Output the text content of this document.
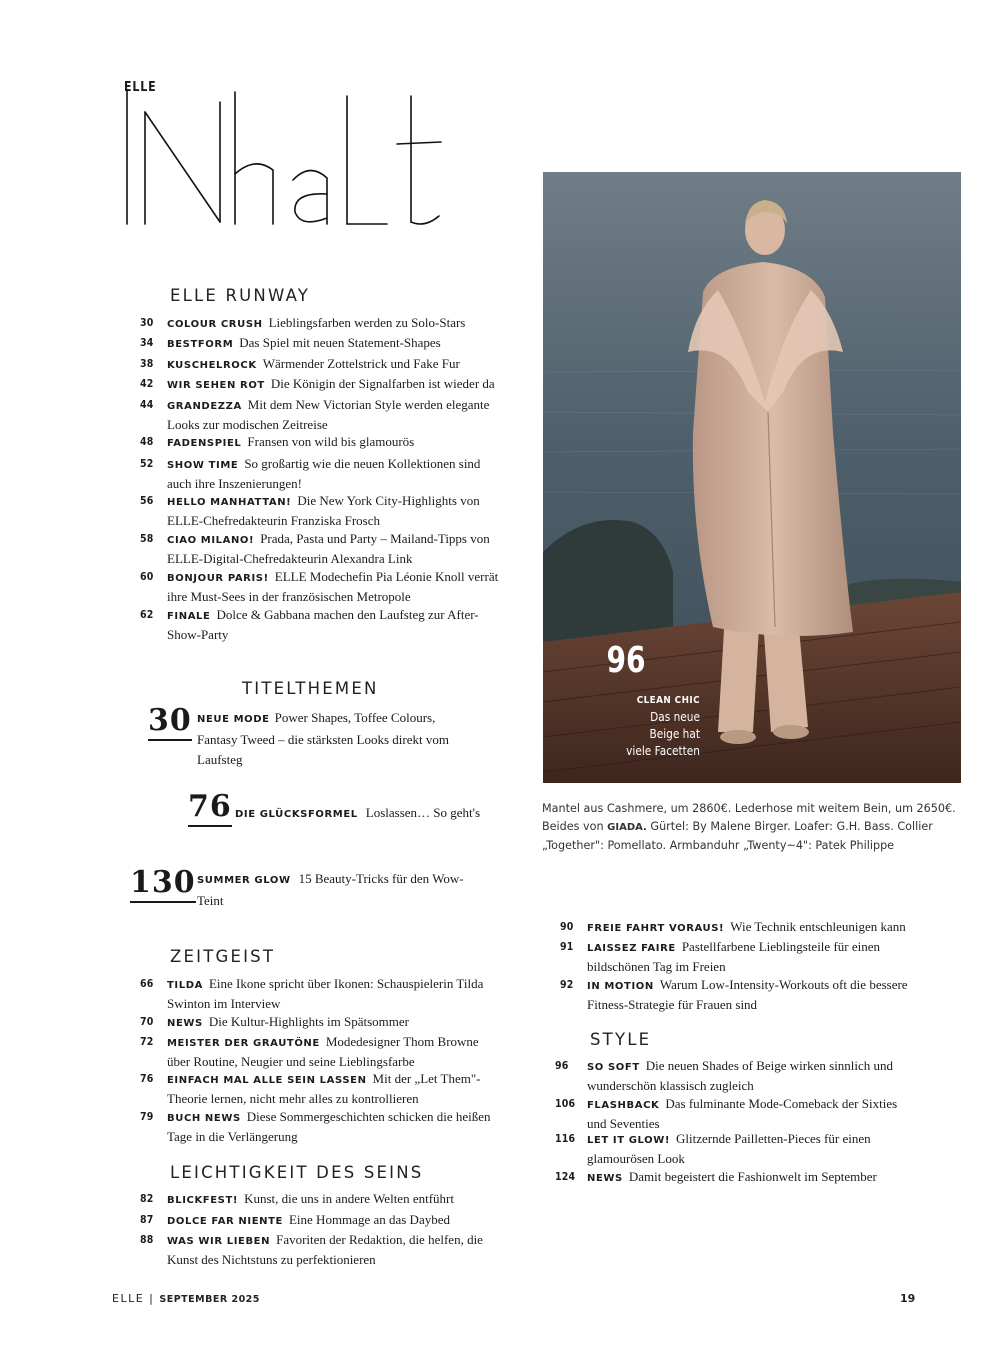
ELLE
ELLE RUNWAY
30	COLOUR CRUSH Lieblingsfarben werden zu Solo-Stars
34	BESTFORM Das Spiel mit neuen Statement-Shapes
38	KUSCHELROCK Wärmender Zottelstrick und Fake Fur
42	WIR SEHEN ROT Die Königin der Signalfarben ist wieder da
44	GRANDEZZA Mit dem New Victorian Style werden elegante Looks zur modischen Zeitreise
48	FADENSPIEL Fransen von wild bis glamourös
52	SHOW TIME So großartig wie die neuen Kollektionen sind auch ihre Inszenierungen!
56	HELLO MANHATTAN! Die New York City-Highlights von ELLE-Chefredakteurin Franziska Frosch
58	CIAO MILANO! Prada, Pasta und Party – Mailand-Tipps von ELLE-Digital-Chefredakteurin Alexandra Link
60	BONJOUR PARIS! ELLE Modechefin Pia Léonie Knoll verrät ihre Must-Sees in der französischen Metropole
62	FINALE Dolce & Gabbana machen den Laufsteg zur After-Show-Party
TITELTHEMEN
30 NEUE MODE Power Shapes, Toffee Colours, Fantasy Tweed – die stärksten Looks direkt vom Laufsteg
76 DIE GLÜCKSFORMEL Loslassen… So geht's
130 SUMMER GLOW 15 Beauty-Tricks für den Wow-Teint
ZEITGEIST
66	TILDA Eine Ikone spricht über Ikonen: Schauspielerin Tilda Swinton im Interview
70	NEWS Die Kultur-Highlights im Spätsommer
72	MEISTER DER GRAUTÖNE Modedesigner Thom Browne über Routine, Neugier und seine Lieblingsfarbe
76	EINFACH MAL ALLE SEIN LASSEN Mit der „Let Them"-Theorie lernen, nicht mehr alles zu kontrollieren
79	BUCH NEWS Diese Sommergeschichten schicken die heißen Tage in die Verlängerung
LEICHTIGKEIT DES SEINS
82	BLICKFEST! Kunst, die uns in andere Welten entführt
87	DOLCE FAR NIENTE Eine Hommage an das Daybed
88	WAS WIR LIEBEN Favoriten der Redaktion, die helfen, die Kunst des Nichtstuns zu perfektionieren
96
CLEAN CHIC
Das neue
Beige hat
viele Facetten
Mantel aus Cashmere, um 2860€. Lederhose mit weitem Bein, um 2650€. Beides von GIADA. Gürtel: By Malene Birger. Loafer: G.H. Bass. Collier „Together": Pomellato. Armbanduhr „Twenty~4": Patek Philippe
90	FREIE FAHRT VORAUS! Wie Technik entschleunigen kann
91	LAISSEZ FAIRE Pastellfarbene Lieblingsteile für einen bildschönen Tag im Freien
92	IN MOTION Warum Low-Intensity-Workouts oft die bessere Fitness-Strategie für Frauen sind
STYLE
96	SO SOFT Die neuen Shades of Beige wirken sinnlich und wunderschön klassisch zugleich
106	FLASHBACK Das fulminante Mode-Comeback der Sixties und Seventies
116	LET IT GLOW! Glitzernde Pailletten-Pieces für einen glamourösen Look
124	NEWS Damit begeistert die Fashionwelt im September
ELLE | SEPTEMBER 2025	19
